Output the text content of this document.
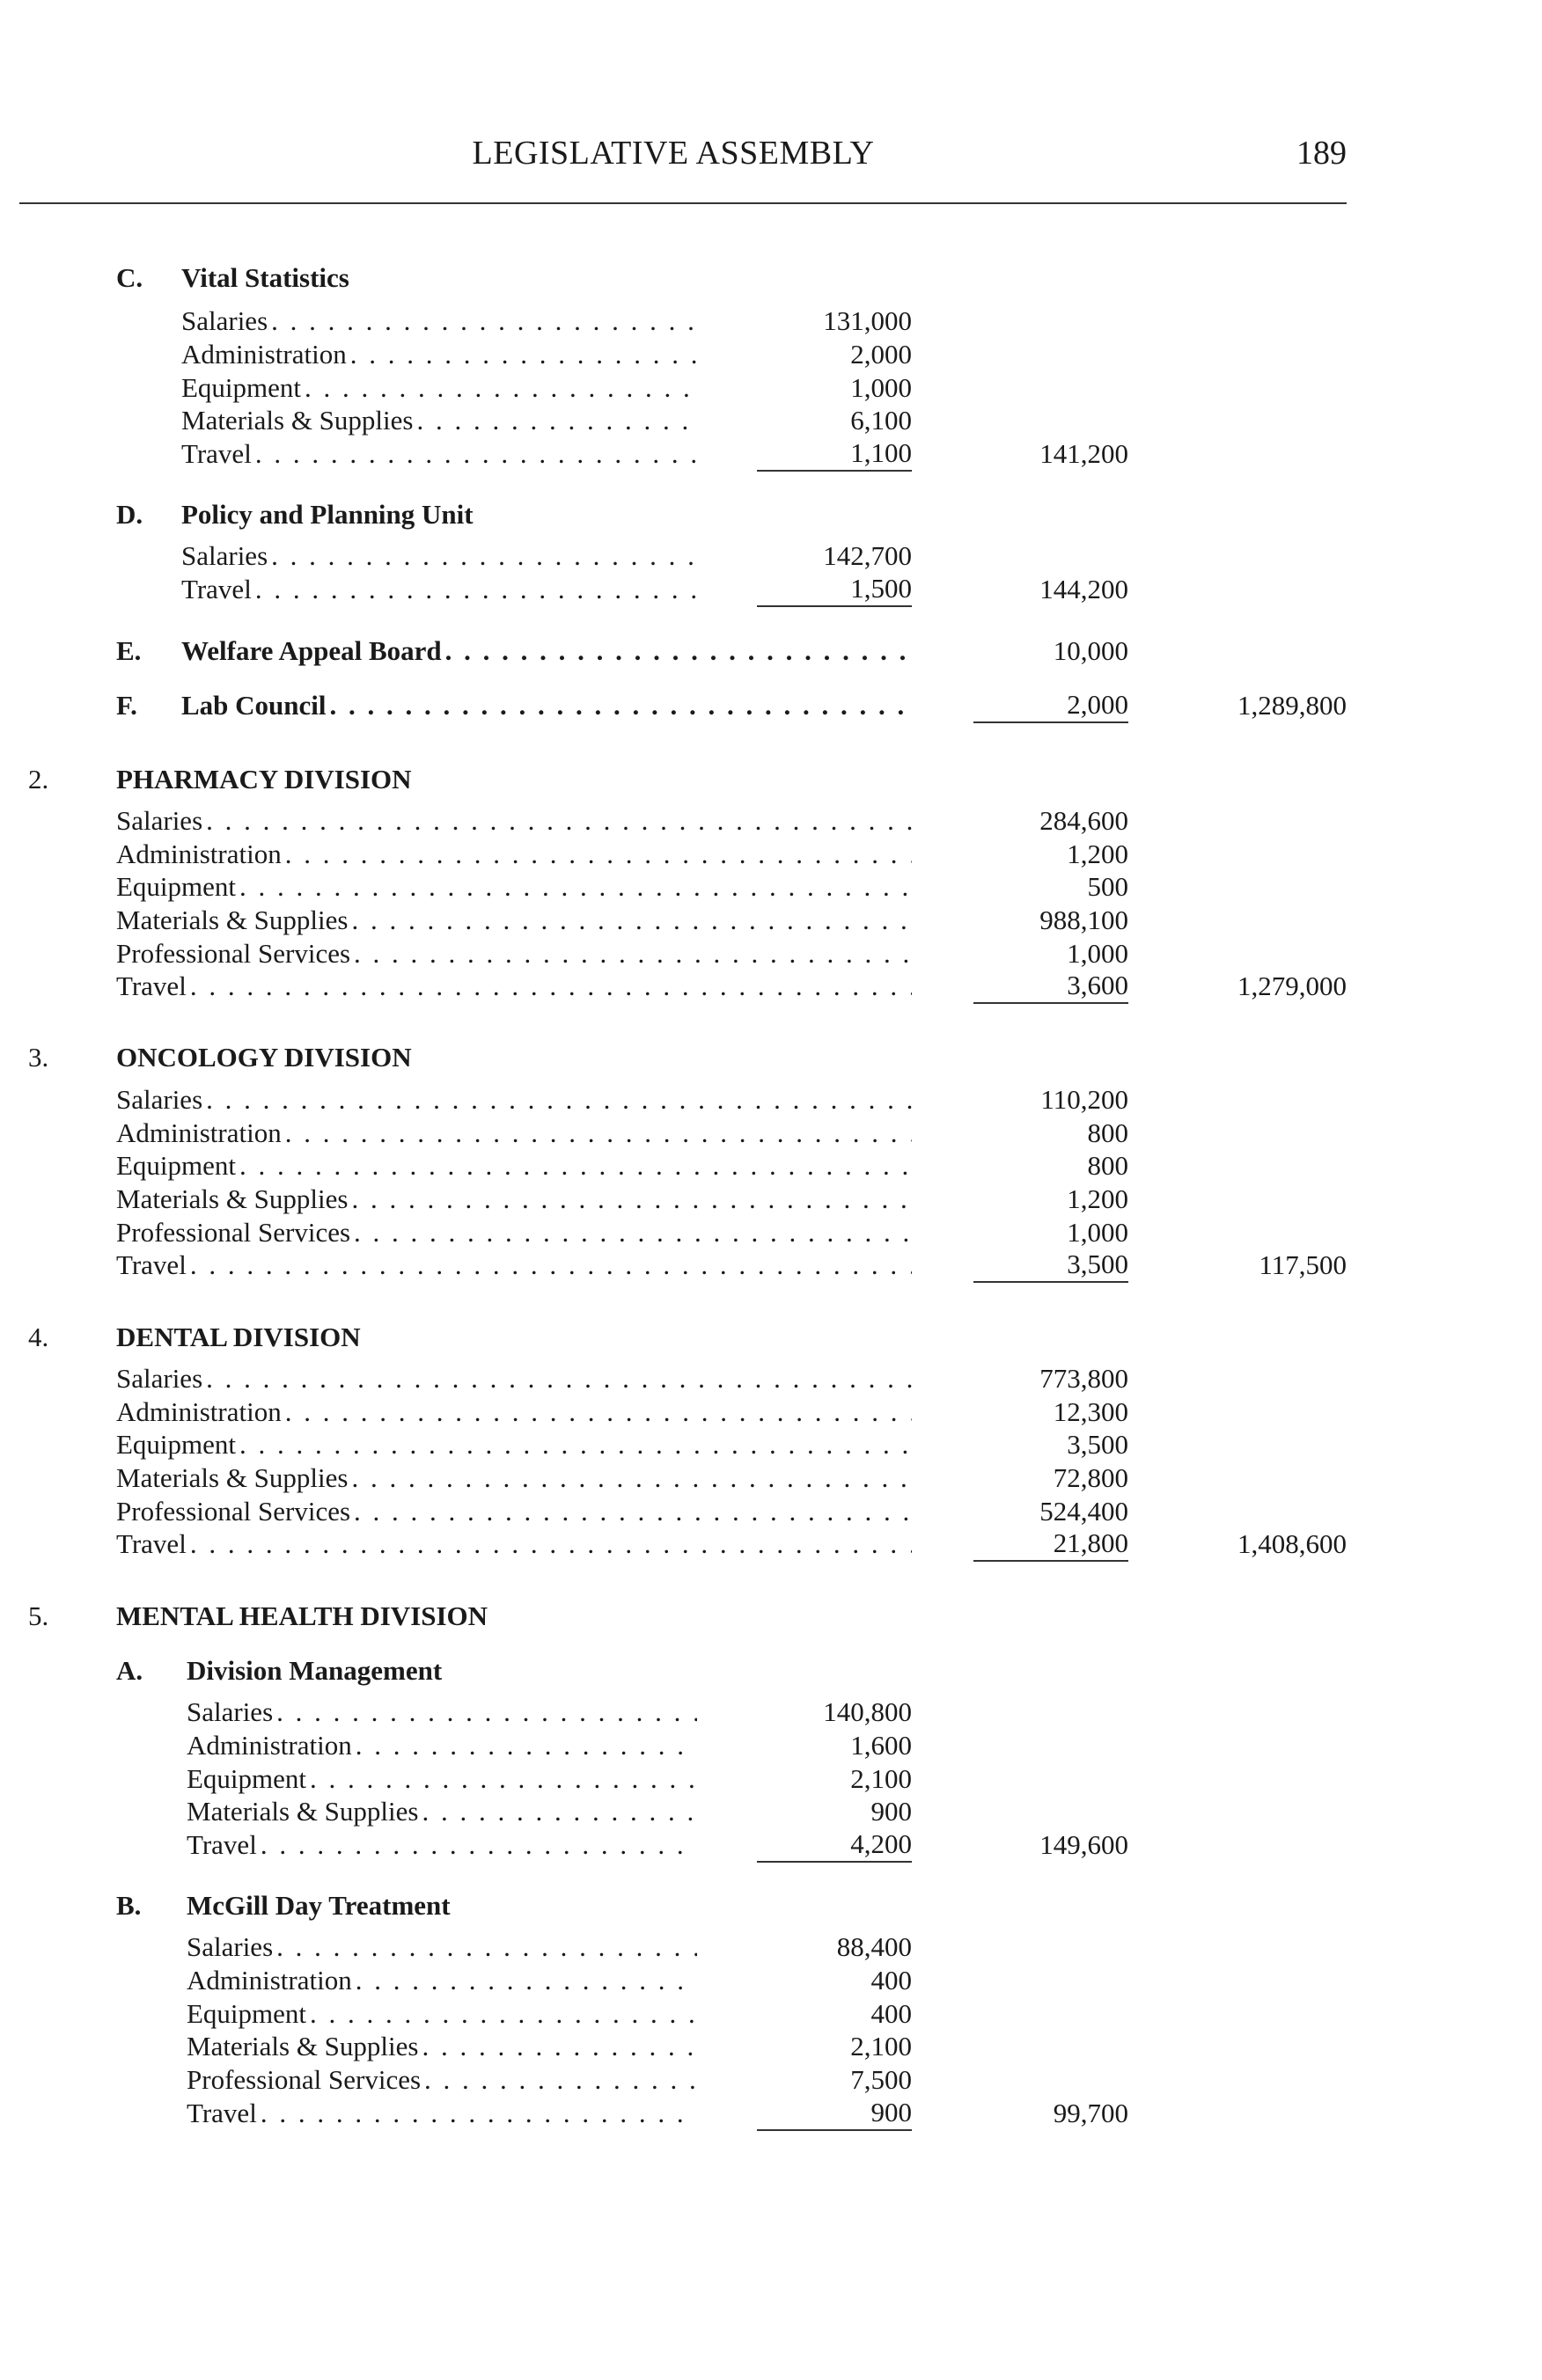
LEGISLATIVE ASSEMBLY	189
C. Vital Statistics
Salaries . . .	131,000
Administration . . .	2,000
Equipment . . .	1,000
Materials & Supplies . . .	6,100
Travel . . .	1,100	141,200
D. Policy and Planning Unit
Salaries . . .	142,700
Travel . . .	1,500	144,200
E. Welfare Appeal Board . . .	10,000
F. Lab Council . . .	2,000	1,289,800
2. PHARMACY DIVISION
Salaries . . .	284,600
Administration . . .	1,200
Equipment . . .	500
Materials & Supplies . . .	988,100
Professional Services . . .	1,000
Travel . . .	3,600	1,279,000
3. ONCOLOGY DIVISION
Salaries . . .	110,200
Administration . . .	800
Equipment . . .	800
Materials & Supplies . . .	1,200
Professional Services . . .	1,000
Travel . . .	3,500	117,500
4. DENTAL DIVISION
Salaries . . .	773,800
Administration . . .	12,300
Equipment . . .	3,500
Materials & Supplies . . .	72,800
Professional Services . . .	524,400
Travel . . .	21,800	1,408,600
5. MENTAL HEALTH DIVISION
A. Division Management
Salaries . . .	140,800
Administration . . .	1,600
Equipment . . .	2,100
Materials & Supplies . . .	900
Travel . . .	4,200	149,600
B. McGill Day Treatment
Salaries . . .	88,400
Administration . . .	400
Equipment . . .	400
Materials & Supplies . . .	2,100
Professional Services . . .	7,500
Travel . . .	900	99,700
